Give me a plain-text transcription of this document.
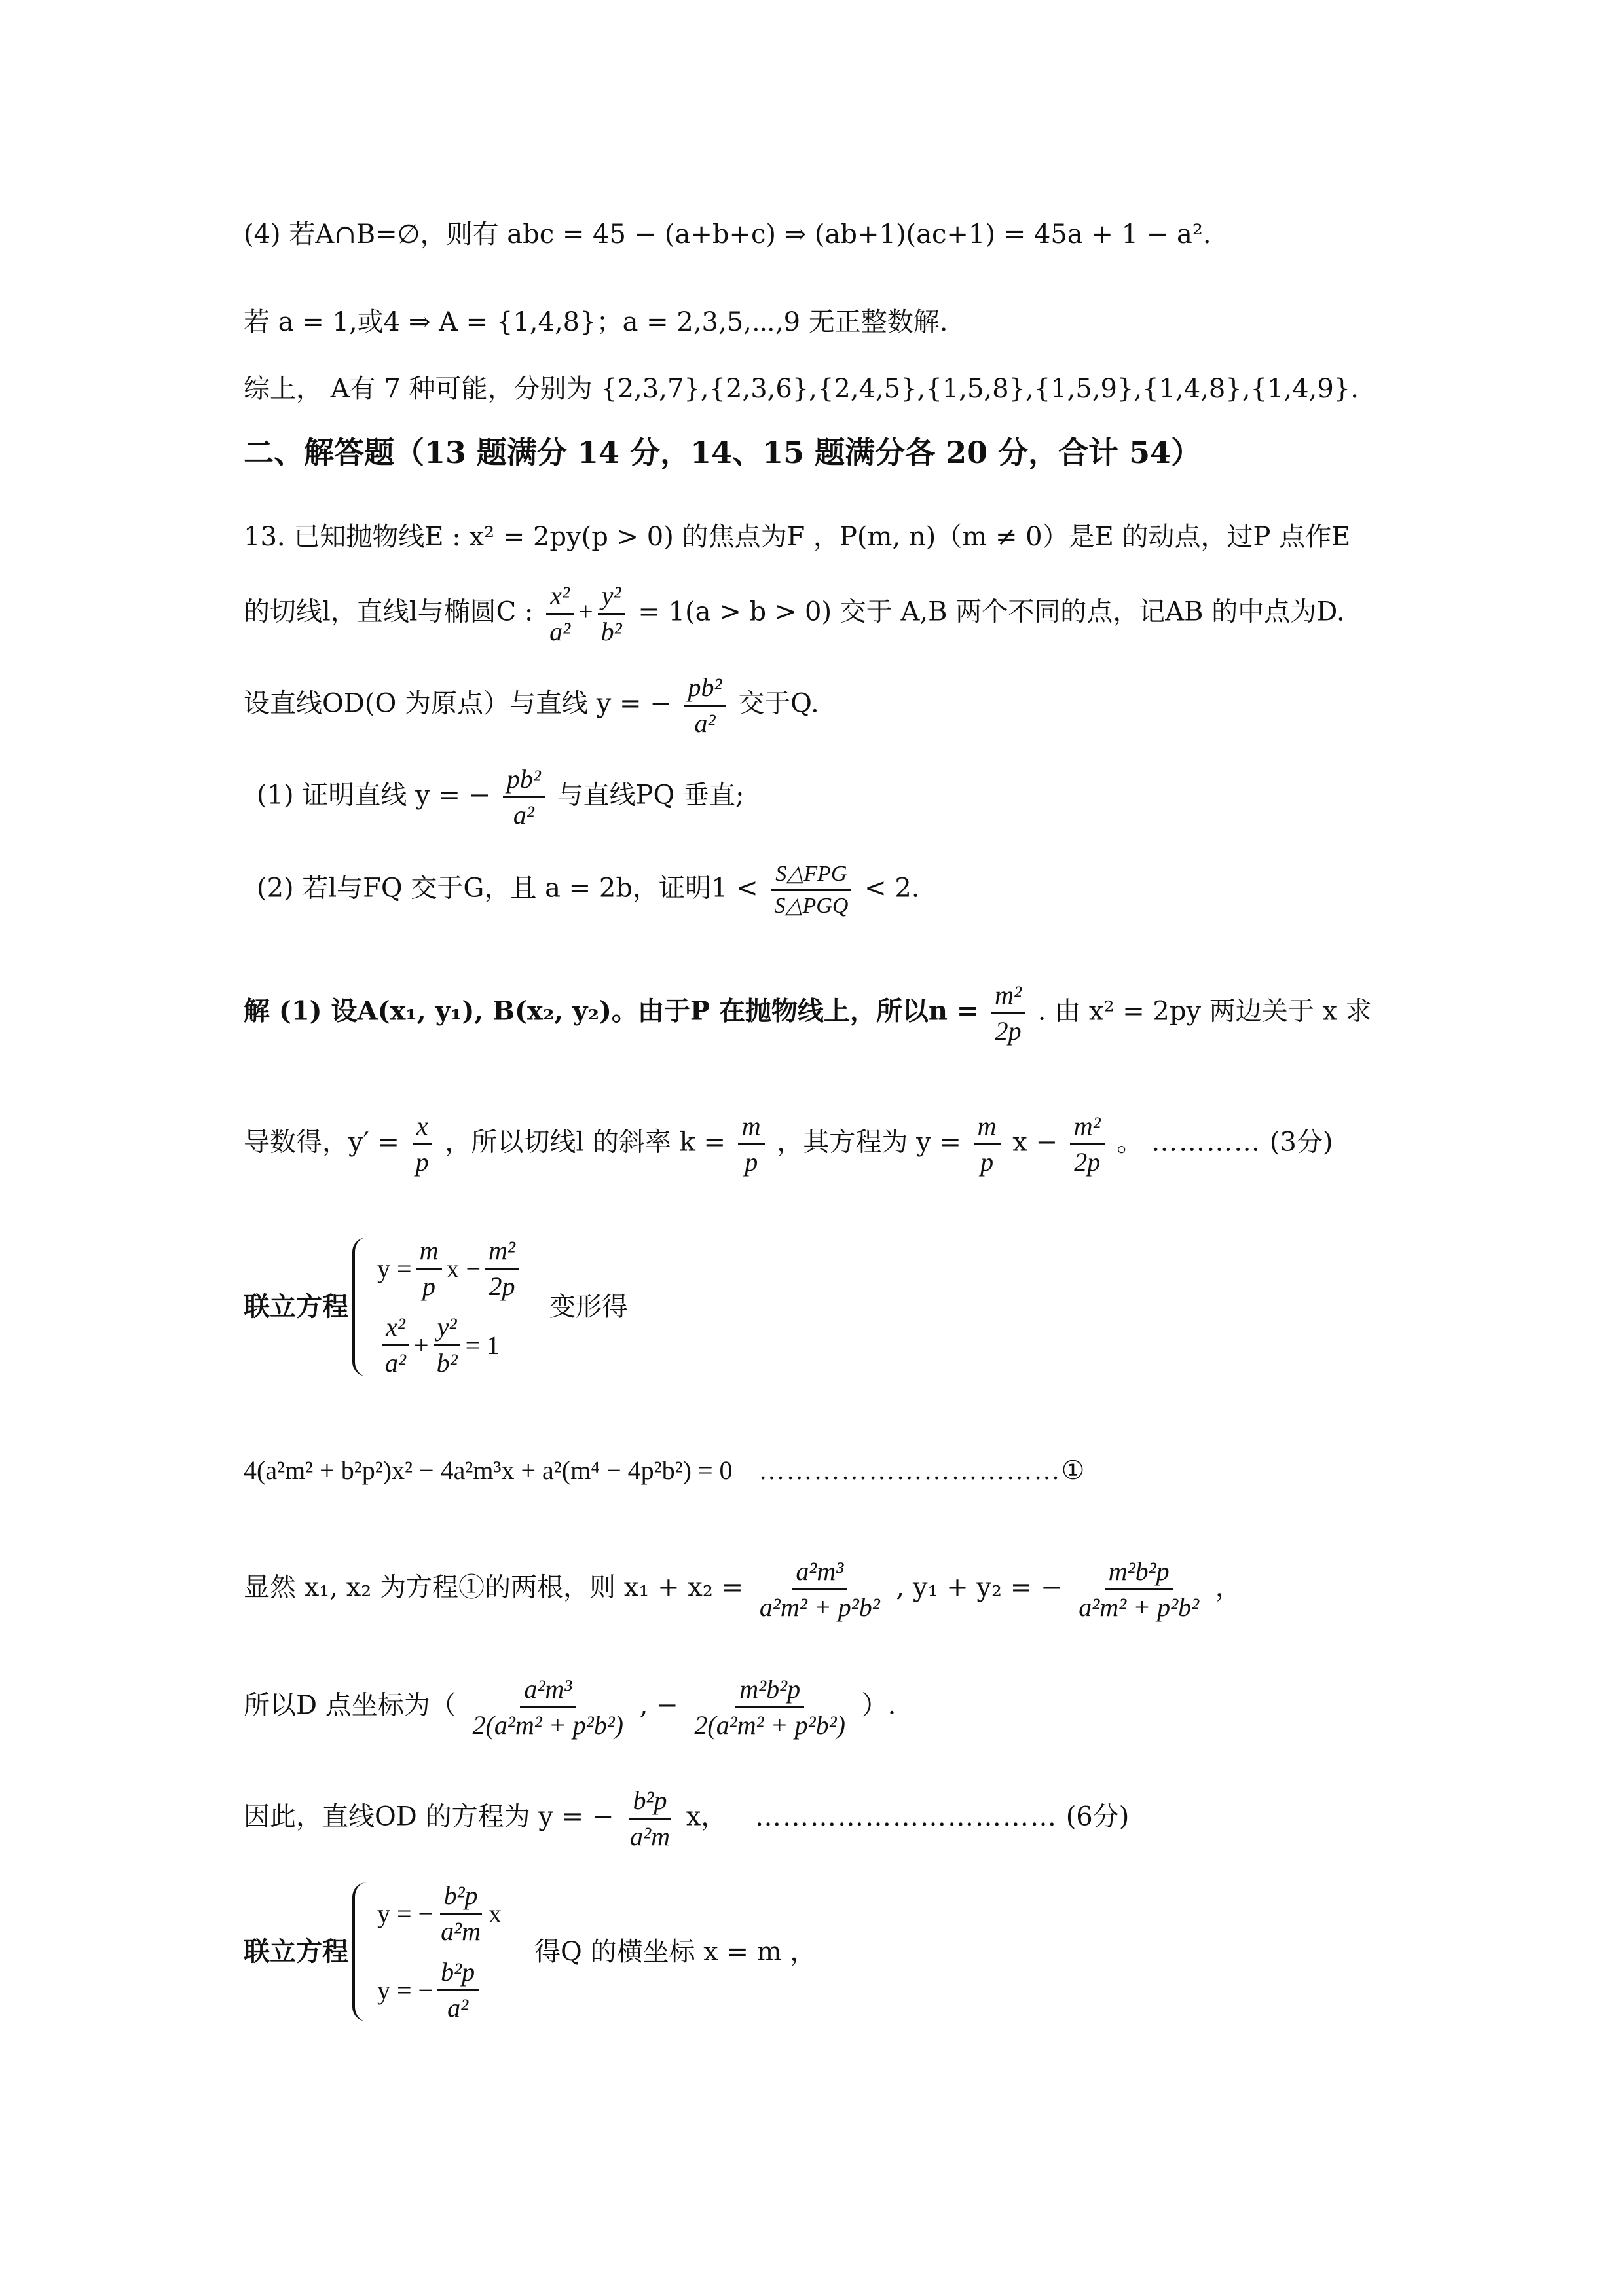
(4) 若A∩B=∅，则有 abc = 45 − (a+b+c) ⇒ (ab+1)(ac+1) = 45a + 1 − a².
若 a = 1,或4 ⇒ A = {1,4,8}；a = 2,3,5,⋯,9 无正整数解.
综上， A有 7 种可能，分别为 {2,3,7},{2,3,6},{2,4,5},{1,5,8},{1,5,9},{1,4,8},{1,4,9}.
二、解答题（13 题满分 14 分，14、15 题满分各 20 分，合计 54）
13. 已知抛物线E : x² = 2py(p > 0) 的焦点为F ，P(m, n)（m ≠ 0）是E 的动点，过P 点作E
的切线l，直线l与椭圆C : $\frac{\text{x²}}{\text{a²}} + \frac{\text{y²}}{\text{b²}} = 1(a > b > 0)$ 交于 A,B 两个不同的点，记AB 的中点为D.
设直线OD(O 为原点）与直线 y = − $\frac{\text{pb²}}{\text{a²}}$ 交于Q.
(1) 证明直线 y = − $\frac{\text{pb²}}{\text{a²}}$ 与直线PQ 垂直;
(2) 若l与FQ 交于G，且 a = 2b，证明$1 < \frac{\text{S△FPG}}{\text{S△PGQ}} < 2$.
解 (1) 设A(x₁, y₁), B(x₂, y₂)。由于P 在抛物线上，所以$n = \frac{\text{m²}}{2p}$ . 由 x² = 2py 两边关于 x 求
导数得，$y' = \frac{x}{p}$ ，所以切线l 的斜率 $k = \frac{m}{p}$ ，其方程为 $y = \frac{m}{p}$ $x - \frac{\text{m²}}{2p}$ 。 ………… (3分)
联立方程
$y = \frac{m}{p}$ $x - \frac{\text{m²}}{2p}$
$\frac{\text{x²}}{\text{a²}} + \frac{\text{y²}}{\text{b²}} = 1$
变形得
4(a²m² + b²p²)x² − 4a²m³x + a²(m⁴ − 4p²b²) = 0 ……………………………①
显然 x₁, x₂ 为方程①的两根，则 $x_1 + x_2 = \frac{\text{a²m³}}{\text{a²m² + p²b²}}$ , y₁ + y₂ = − $\frac{\text{m²b²p}}{\text{a²m² + p²b²}}$ ，
所以D 点坐标为（ $\frac{\text{a²m³}}{\text{2(a²m² + p²b²)}}$ , − $\frac{\text{m²b²p}}{\text{2(a²m² + p²b²)}}$ ）.
因此，直线OD 的方程为 y = − $\frac{\text{b²p}}{\text{a²m}}$ x， …………………………… (6分)
联立方程
y = − $\frac{\text{b²p}}{\text{a²m}}$ x
y = − $\frac{\text{b²p}}{\text{a²}}$
得Q 的横坐标 x = m ，
